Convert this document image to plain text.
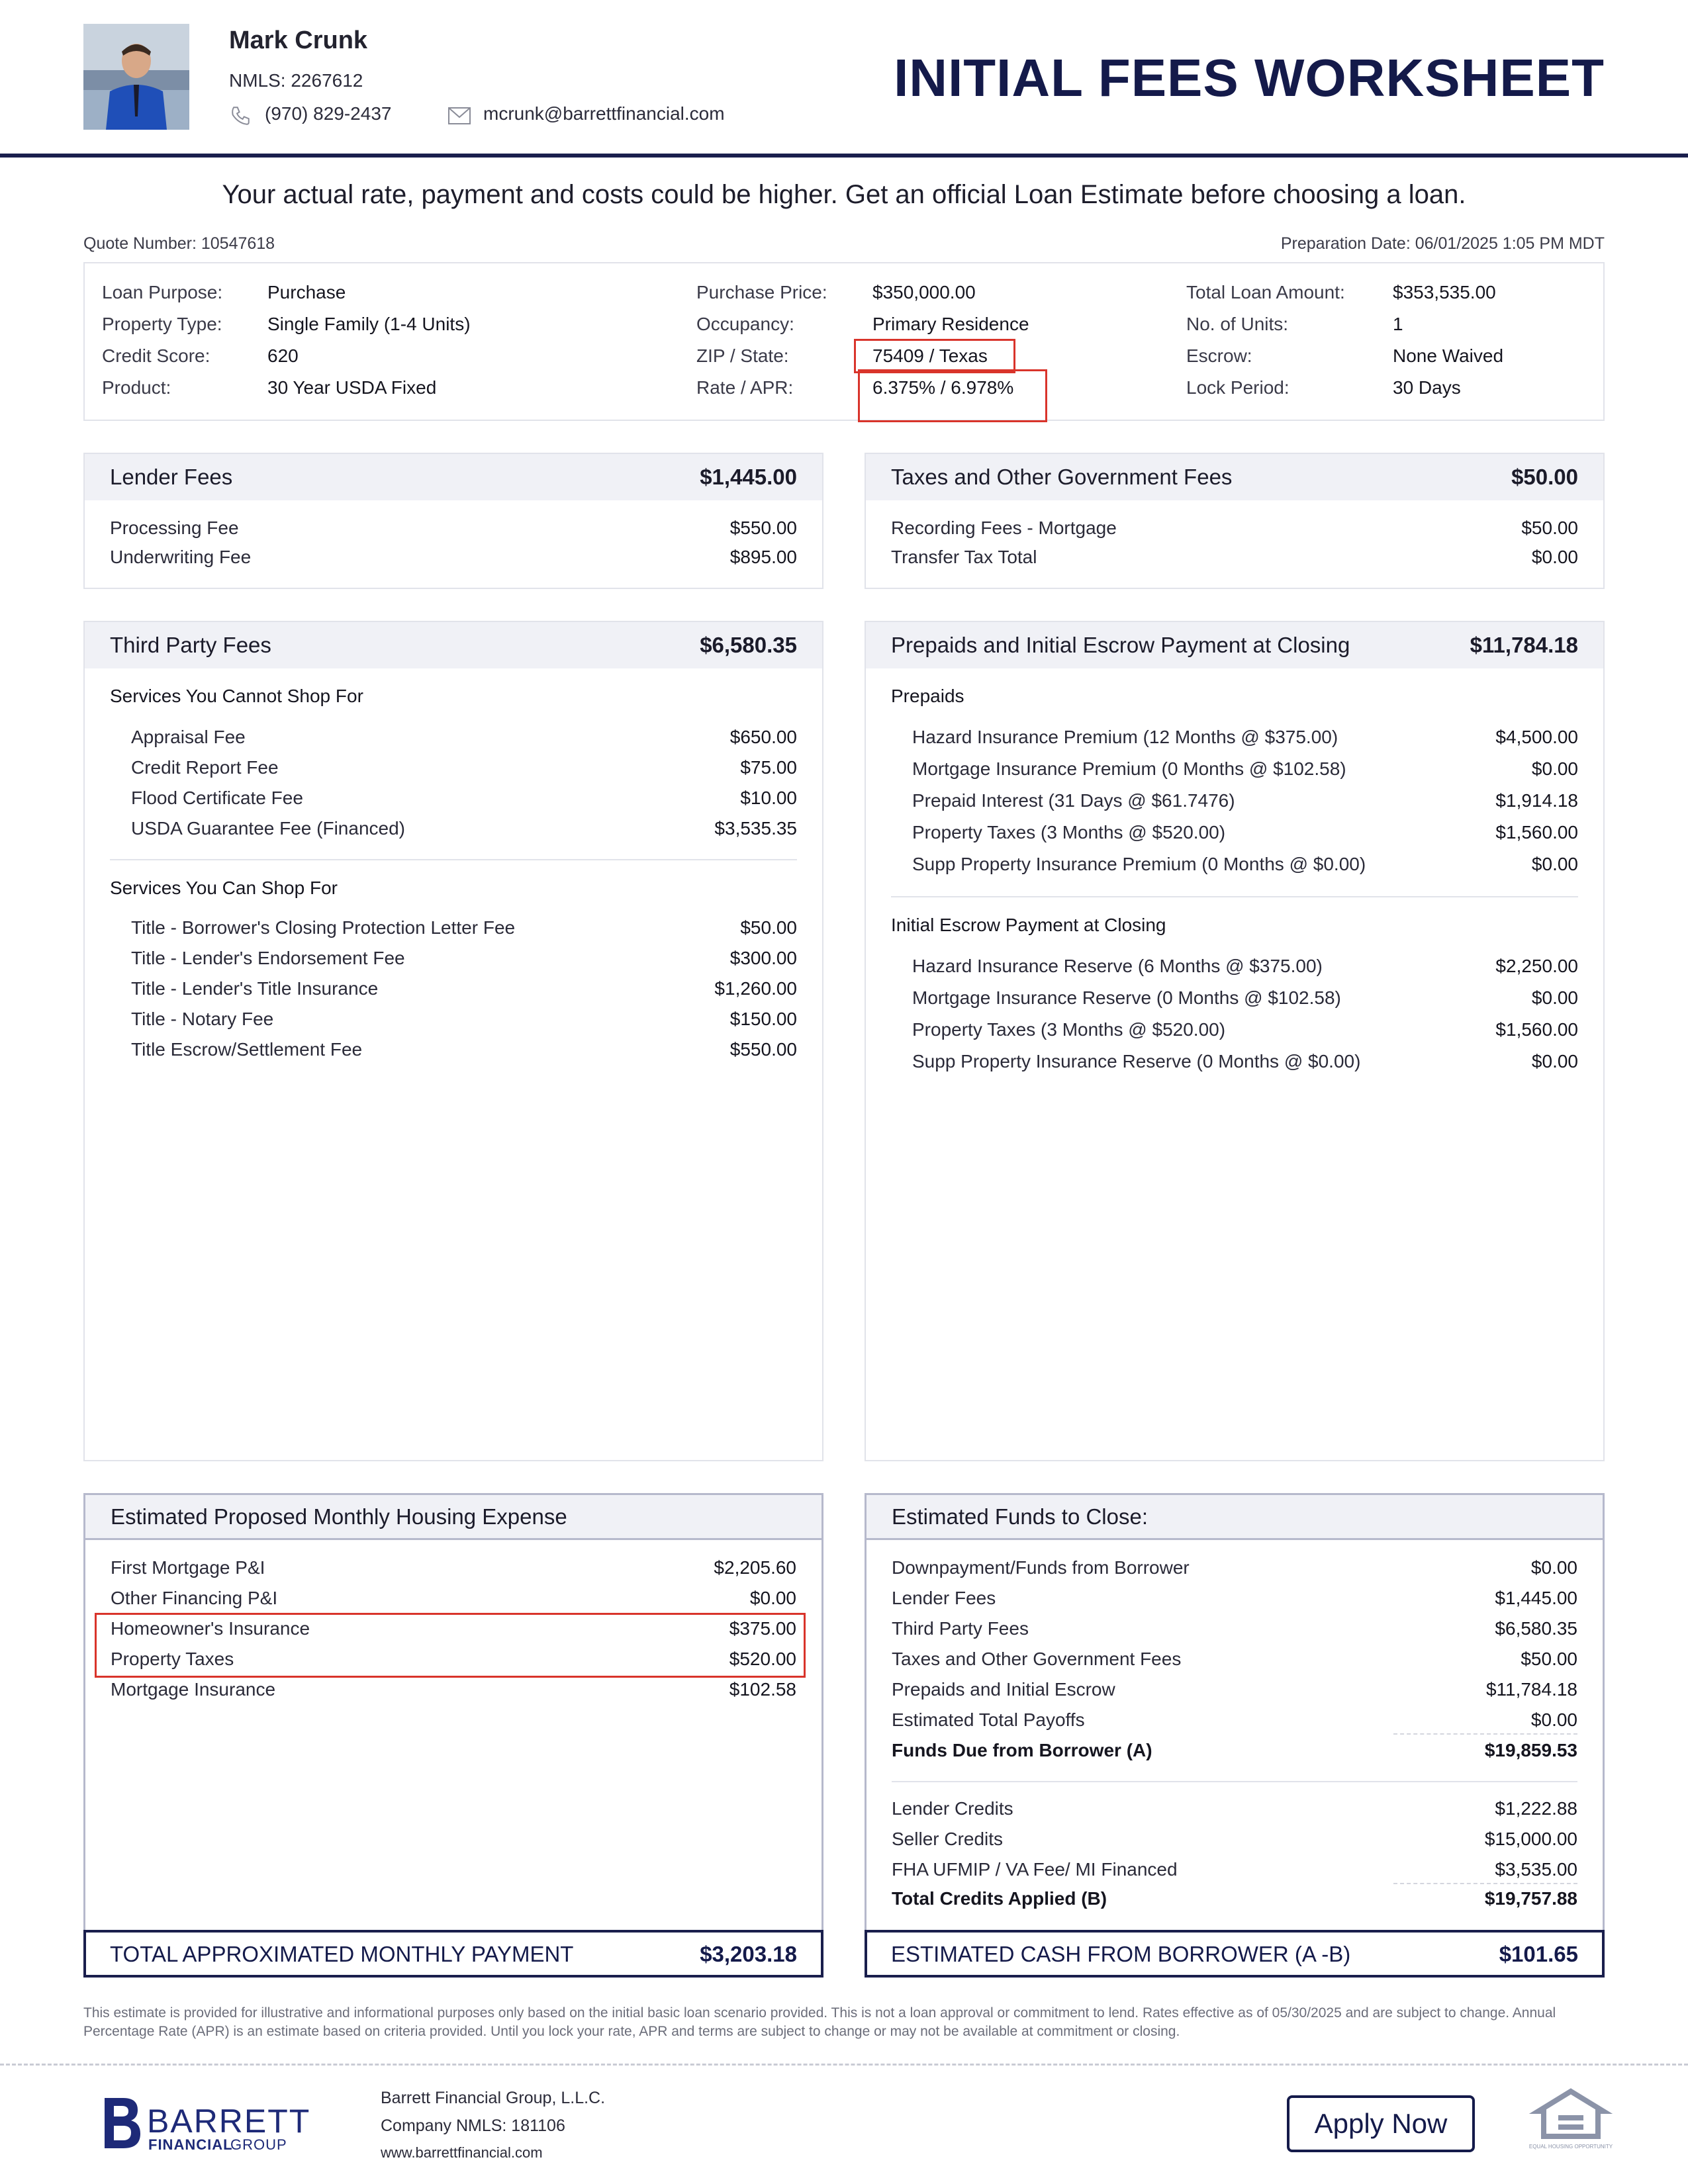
Mark Crunk
NMLS: 2267612
(970) 829-2437	mcrunk@barrettfinancial.com
INITIAL FEES WORKSHEET
Your actual rate, payment and costs could be higher. Get an official Loan Estimate before choosing a loan.
Quote Number: 10547618	Preparation Date: 06/01/2025 1:05 PM MDT
Loan Purpose: Purchase
Property Type: Single Family (1-4 Units)
Credit Score:	620
Product:	30 Year USDA Fixed
Purchase Price: $350,000.00
Occupancy:	Primary Residence
ZIP / State:	75409 / Texas
Rate / APR:	6.375% / 6.978%
Total Loan Amount:	$353,535.00
No. of Units:	1
Escrow:	None Waived
Lock Period:	30 Days
Lender Fees	$1,445.00
Processing Fee	$550.00
Underwriting Fee	$895.00
Taxes and Other Government Fees	$50.00
Recording Fees - Mortgage	$50.00
Transfer Tax Total	$0.00
Third Party Fees	$6,580.35
Services You Cannot Shop For
Appraisal Fee	$650.00
Credit Report Fee	$75.00
Flood Certificate Fee	$10.00
USDA Guarantee Fee (Financed)	$3,535.35
Services You Can Shop For
Title - Borrower's Closing Protection Letter Fee	$50.00
Title - Lender's Endorsement Fee	$300.00
Title - Lender's Title Insurance	$1,260.00
Title - Notary Fee	$150.00
Title Escrow/Settlement Fee	$550.00
Prepaids and Initial Escrow Payment at Closing	$11,784.18
Prepaids
Hazard Insurance Premium (12 Months @ $375.00)	$4,500.00
Mortgage Insurance Premium (0 Months @ $102.58)	$0.00
Prepaid Interest (31 Days @ $61.7476)	$1,914.18
Property Taxes (3 Months @ $520.00)	$1,560.00
Supp Property Insurance Premium (0 Months @ $0.00)	$0.00
Initial Escrow Payment at Closing
Hazard Insurance Reserve (6 Months @ $375.00)	$2,250.00
Mortgage Insurance Reserve (0 Months @ $102.58)	$0.00
Property Taxes (3 Months @ $520.00)	$1,560.00
Supp Property Insurance Reserve (0 Months @ $0.00)	$0.00
Estimated Proposed Monthly Housing Expense
First Mortgage P&I	$2,205.60
Other Financing P&I	$0.00
Homeowner's Insurance	$375.00
Property Taxes	$520.00
Mortgage Insurance	$102.58
TOTAL APPROXIMATED MONTHLY PAYMENT	$3,203.18
Estimated Funds to Close:
Downpayment/Funds from Borrower	$0.00
Lender Fees	$1,445.00
Third Party Fees	$6,580.35
Taxes and Other Government Fees	$50.00
Prepaids and Initial Escrow	$11,784.18
Estimated Total Payoffs	$0.00
Funds Due from Borrower (A)	$19,859.53
Lender Credits	$1,222.88
Seller Credits	$15,000.00
FHA UFMIP / VA Fee/ MI Financed	$3,535.00
Total Credits Applied (B)	$19,757.88
ESTIMATED CASH FROM BORROWER (A -B)	$101.65
This estimate is provided for illustrative and informational purposes only based on the initial basic loan scenario provided. This is not a loan approval or commitment to lend. Rates effective as of 05/30/2025 and are subject to change. Annual Percentage Rate (APR) is an estimate based on criteria provided. Until you lock your rate, APR and terms are subject to change or may not be available at commitment or closing.
BARRETT
FINANCIAL
GROUP
Barrett Financial Group, L.L.C.
Company NMLS: 181106
www.barrettfinancial.com
Apply Now
EQUAL HOUSING OPPORTUNITY
